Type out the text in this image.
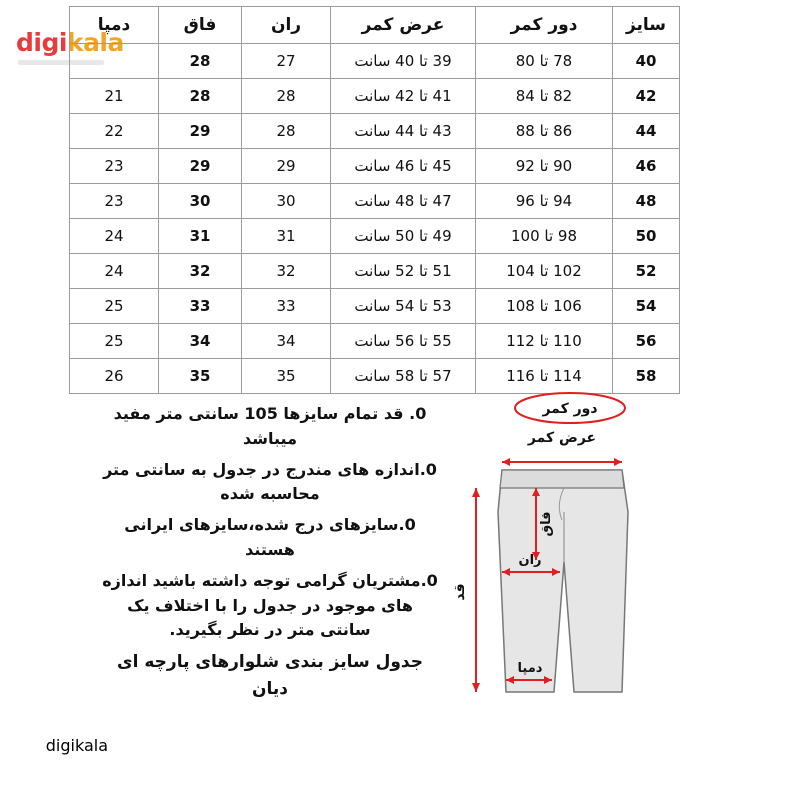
digikala
digikala
سایز	دور کمر	عرض کمر	ران	فاق	دمپا
40	78 تا 80	39 تا 40 سانت	27	28	
42	82 تا 84	41 تا 42 سانت	28	28	21
44	86 تا 88	43 تا 44 سانت	28	29	22
46	90 تا 92	45 تا 46 سانت	29	29	23
48	94 تا 96	47 تا 48 سانت	30	30	23
50	98 تا 100	49 تا 50 سانت	31	31	24
52	102 تا 104	51 تا 52 سانت	32	32	24
54	106 تا 108	53 تا 54 سانت	33	33	25
56	110 تا 112	55 تا 56 سانت	34	34	25
58	114 تا 116	57 تا 58 سانت	35	35	26
0. قد تمام سایزها 105 سانتی متر مفید میباشد
0.اندازه های مندرج در جدول به سانتی متر محاسبه شده
0.سایزهای درج شده،سایزهای ایرانی هستند
0.مشتریان گرامی توجه داشته باشید اندازه های موجود در جدول را با اختلاف یک سانتی متر در نظر بگیرید.
جدول سایز بندی شلوارهای پارچه ای دیان
دور کمر
عرض کمر
فاق
ران
قد
دمپا
